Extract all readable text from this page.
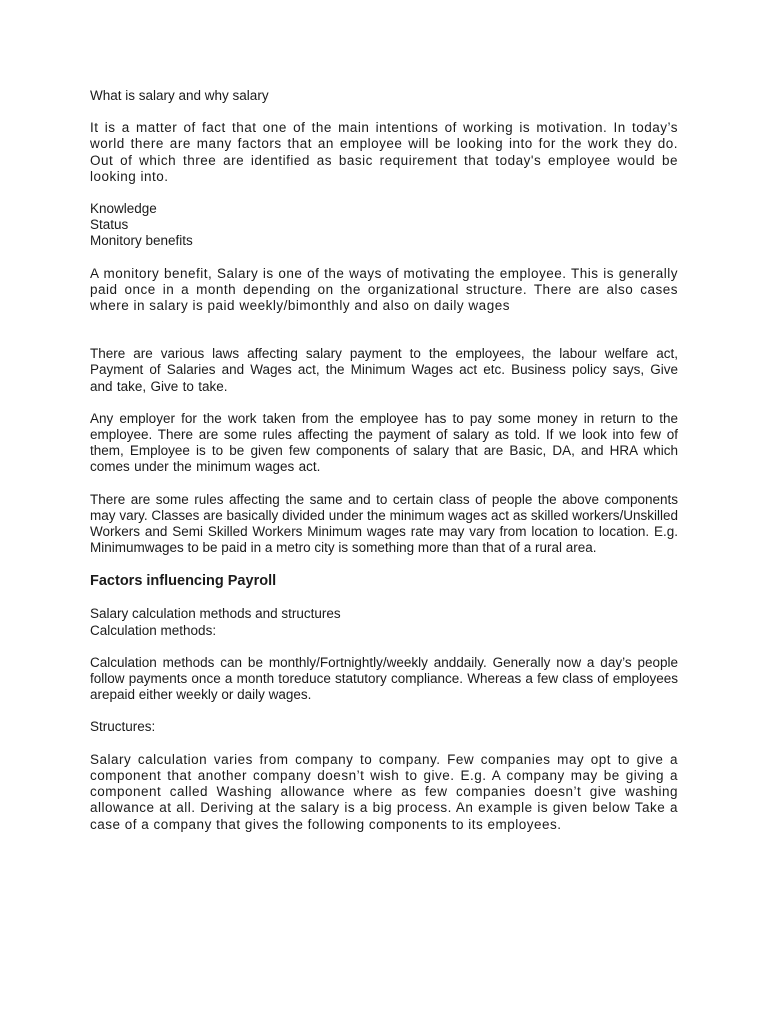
What is salary and why salary

It is a matter of fact that one of the main intentions of working is motivation. In today’s world there are many factors that an employee will be looking into for the work they do. Out of which three are identified as basic requirement that today's employee would be looking into.

Knowledge
Status
Monitory benefits

A monitory benefit, Salary is one of the ways of motivating the employee. This is generally paid once in a month depending on the organizational structure. There are also cases where in salary is paid weekly/bimonthly and also on daily wages

There are various laws affecting salary payment to the employees, the labour welfare act, Payment of Salaries and Wages act, the Minimum Wages act etc. Business policy says, Give and take, Give to take.

Any employer for the work taken from the employee has to pay some money in return to the employee. There are some rules affecting the payment of salary as told. If we look into few of them, Employee is to be given few components of salary that are Basic, DA, and HRA which comes under the minimum wages act.

There are some rules affecting the same and to certain class of people the above components may vary. Classes are basically divided under the minimum wages act as skilled workers/Unskilled Workers and Semi Skilled Workers Minimum wages rate may vary from location to location. E.g. Minimumwages to be paid in a metro city is something more than that of a rural area.

Factors influencing Payroll

Salary calculation methods and structures

Calculation methods:

Calculation methods can be monthly/Fortnightly/weekly anddaily. Generally now a day’s people follow payments once a month toreduce statutory compliance. Whereas a few class of employees arepaid either weekly or daily wages.

Structures:

Salary calculation varies from company to company. Few companies may opt to give a component that another company doesn’t wish to give. E.g. A company may be giving a component called Washing allowance where as few companies doesn’t give washing allowance at all. Deriving at the salary is a big process. An example is given below Take a case of a company that gives the following components to its employees.
